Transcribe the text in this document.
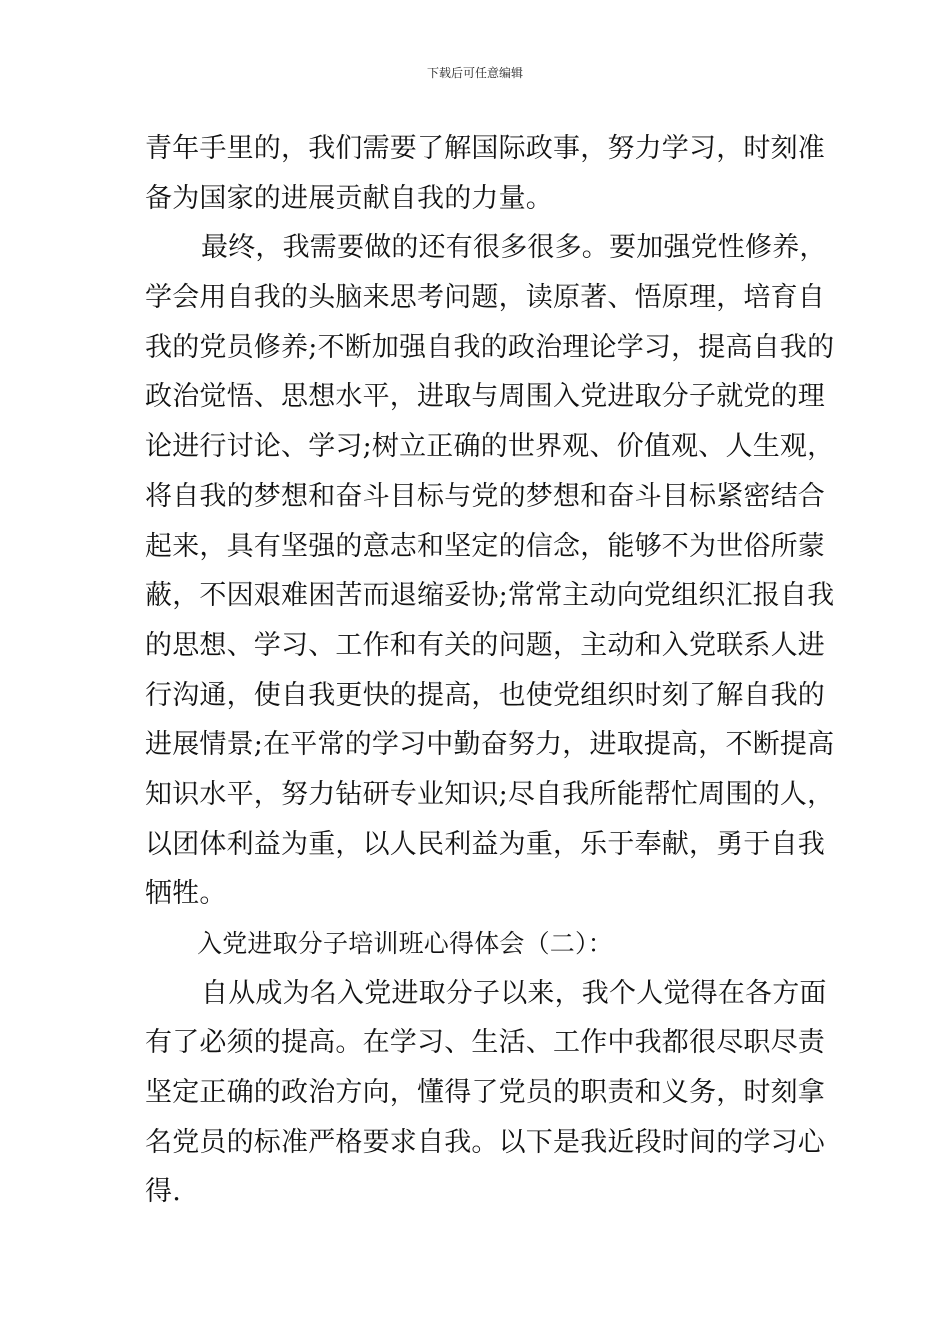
下载后可任意编辑
青年手里的，我们需要了解国际政事，努力学习，时刻准
备为国家的进展贡献自我的力量。
最终，我需要做的还有很多很多。要加强党性修养，
学会用自我的头脑来思考问题，读原著、悟原理，培育自
我的党员修养;不断加强自我的政治理论学习，提高自我的
政治觉悟、思想水平，进取与周围入党进取分子就党的理
论进行讨论、学习;树立正确的世界观、价值观、人生观，
将自我的梦想和奋斗目标与党的梦想和奋斗目标紧密结合
起来，具有坚强的意志和坚定的信念，能够不为世俗所蒙
蔽，不因艰难困苦而退缩妥协;常常主动向党组织汇报自我
的思想、学习、工作和有关的问题，主动和入党联系人进
行沟通，使自我更快的提高，也使党组织时刻了解自我的
进展情景;在平常的学习中勤奋努力，进取提高，不断提高
知识水平，努力钻研专业知识;尽自我所能帮忙周围的人，
以团体利益为重，以人民利益为重，乐于奉献，勇于自我
牺牲。
入党进取分子培训班心得体会（二）：
自从成为名入党进取分子以来，我个人觉得在各方面
有了必须的提高。在学习、生活、工作中我都很尽职尽责
坚定正确的政治方向，懂得了党员的职责和义务，时刻拿
名党员的标准严格要求自我。以下是我近段时间的学习心
得.
